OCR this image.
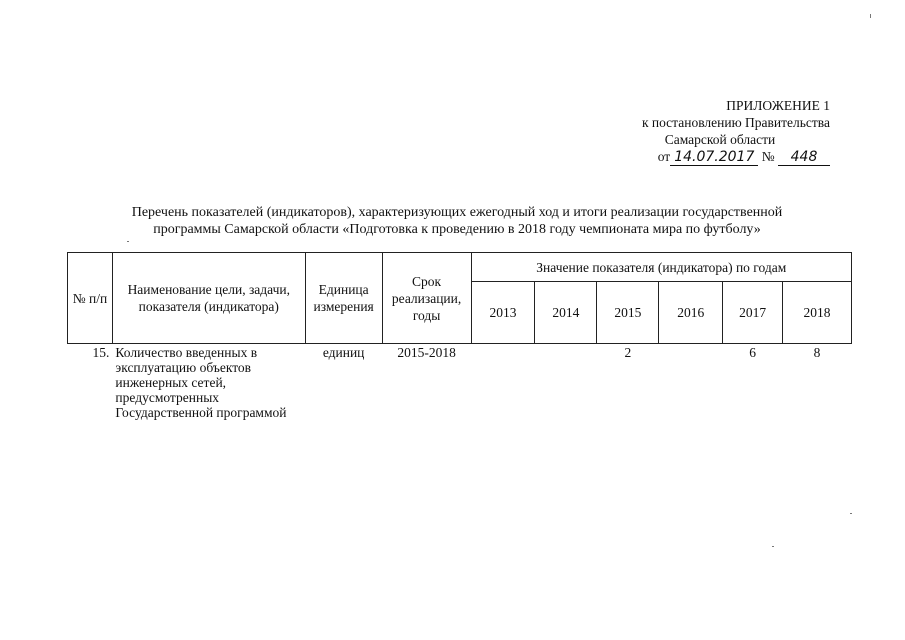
ПРИЛОЖЕНИЕ 1
к постановлению Правительства
Самарской области
от 14.07.2017 № 448
Перечень показателей (индикаторов), характеризующих ежегодный ход и итоги реализации государственной
программы Самарской области «Подготовка к проведению в 2018 году чемпионата мира по футболу»
№ п/п	Наименование цели, задачи, показателя (индикатора)	Единица измерения	Срок реализации, годы	Значение показателя (индикатора) по годам					
				2013	2014	2015	2016	2017	2018
15.	Количество введенных в эксплуатацию объектов инженерных сетей, предусмотренных Государственной программой	единиц	2015-2018			2		6	8
